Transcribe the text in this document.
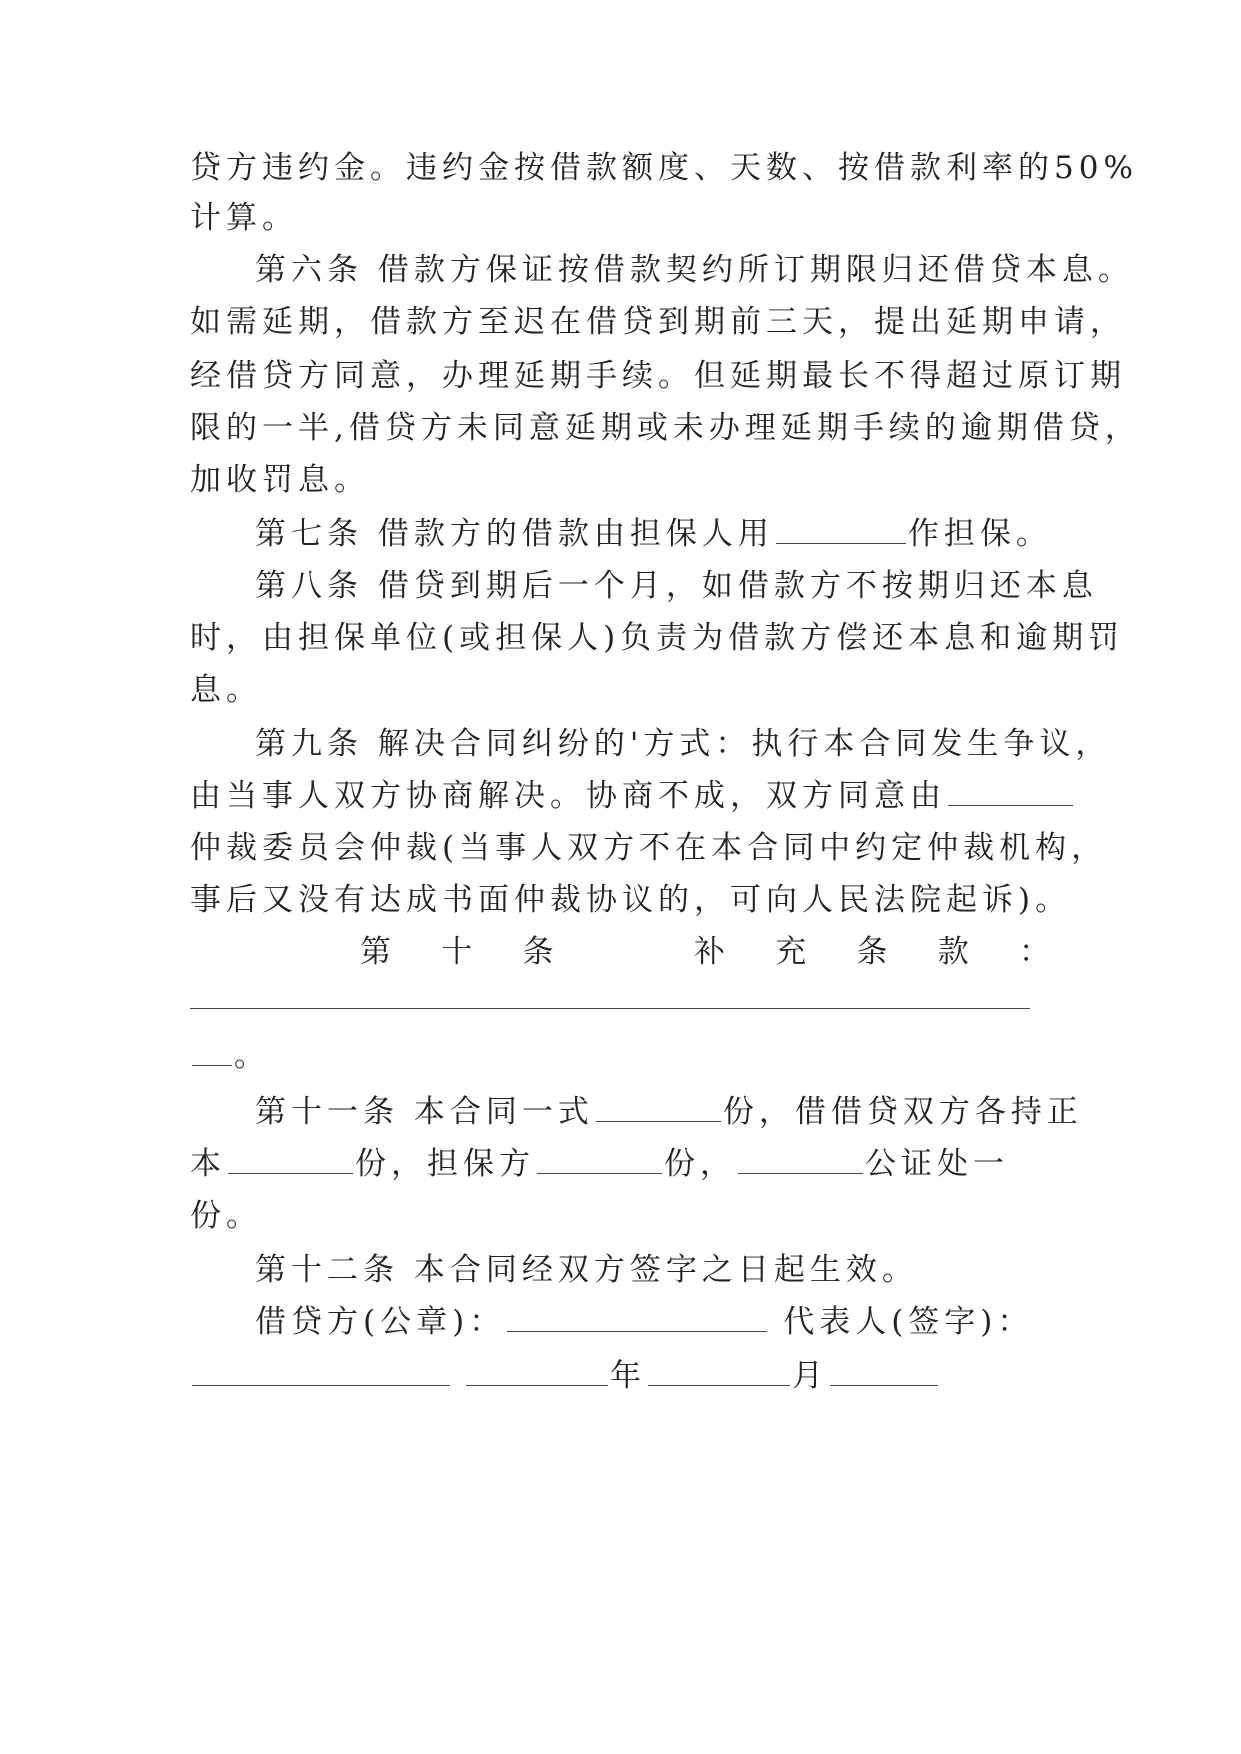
贷方违约金。违约金按借款额度、天数、按借款利率的50%
计算。
第六条 借款方保证按借款契约所订期限归还借贷本息。
如需延期，借款方至迟在借贷到期前三天，提出延期申请，
经借贷方同意，办理延期手续。但延期最长不得超过原订期
限的一半,借贷方未同意延期或未办理延期手续的逾期借贷，
加收罚息。
第七条 借款方的借款由担保人用	作担保。
第八条 借贷到期后一个月，如借款方不按期归还本息
时，由担保单位(或担保人)负责为借款方偿还本息和逾期罚
息。
第九条 解决合同纠纷的'方式：执行本合同发生争议，
由当事人双方协商解决。协商不成，双方同意由
仲裁委员会仲裁(当事人双方不在本合同中约定仲裁机构，
事后又没有达成书面仲裁协议的，可向人民法院起诉)。
第 十 条	补 充 条 款 ：
。
第十一条 本合同一式	份，借借贷双方各持正
本	份，担保方	份，	公证处一
份。
第十二条 本合同经双方签字之日起生效。
借贷方(公章)：	代表人(签字)：
年	月
